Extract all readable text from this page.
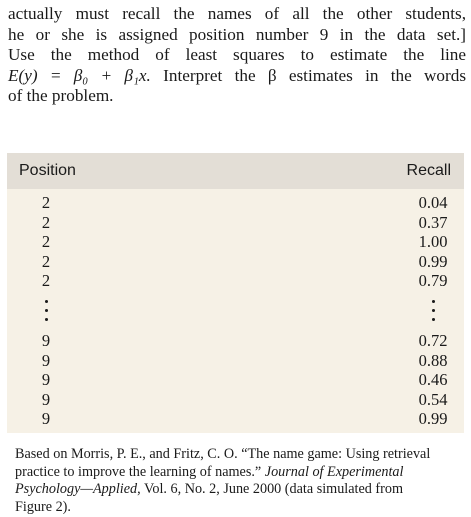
actually must recall the names of all the other students,
he or she is assigned position number 9 in the data set.]
Use the method of least squares to estimate the line
E(y) = β₀ + β₁x. Interpret the β estimates in the words
of the problem.
Position	Recall
2
2
2
2
2
9
9
9
9
9
0.04
0.37
1.00
0.99
0.79
0.72
0.88
0.46
0.54
0.99
Based on Morris, P. E., and Fritz, C. O. “The name game: Using retrieval
practice to improve the learning of names.” Journal of Experimental
Psychology—Applied, Vol. 6, No. 2, June 2000 (data simulated from
Figure 2).
